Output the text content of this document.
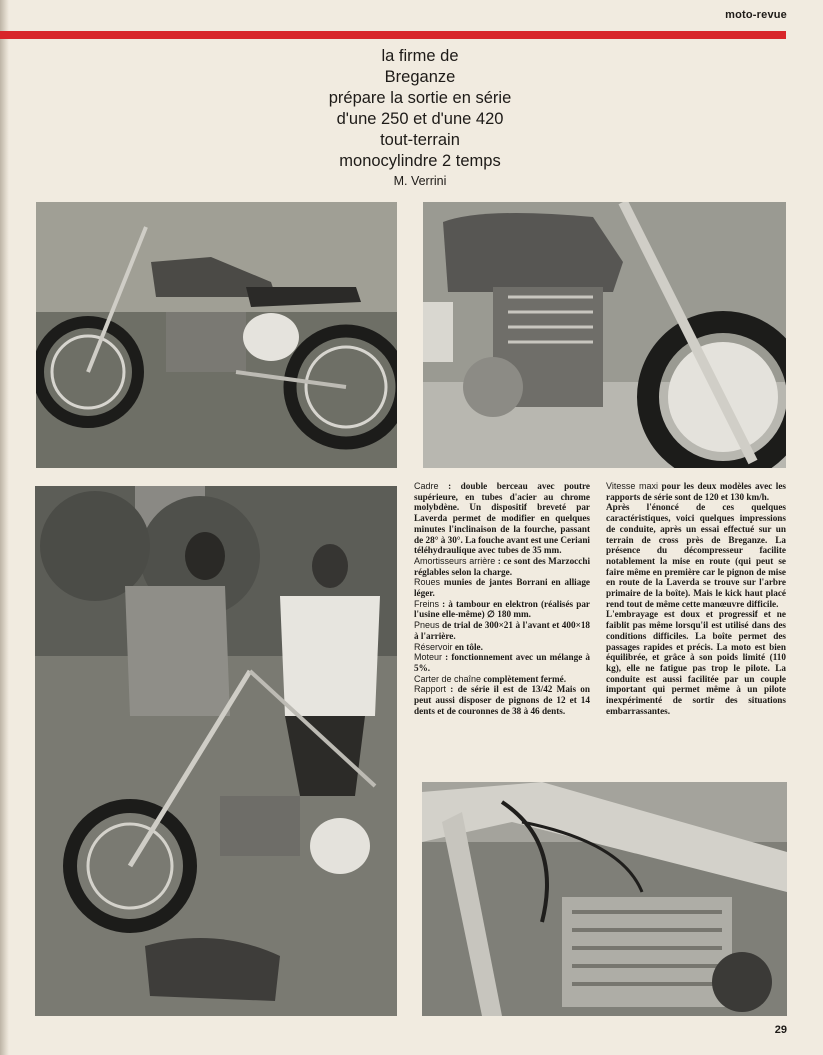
moto-revue
la firme de
Breganze
prépare la sortie en série
d'une 250 et d'une 420
tout-terrain
monocylindre 2 temps
M. Verrini

Cadre : double berceau avec poutre supérieure, en tubes d'acier au chrome molybdène. Un dispositif breveté par Laverda permet de modifier en quelques minutes l'inclinaison de la fourche, passant de 28° à 30°. La fouche avant est une Ceriani téléhydraulique avec tubes de 35 mm.

Amortisseurs arrière : ce sont des Marzocchi réglables selon la charge.

Roues munies de jantes Borrani en alliage léger.

Freins : à tambour en elektron (réalisés par l'usine elle-même) ∅ 180 mm.

Pneus de trial de 300×21 à l'avant et 400×18 à l'arrière.

Réservoir en tôle.

Moteur : fonctionnement avec un mélange à 5%.

Carter de chaîne complètement fermé.

Rapport : de série il est de 13/42 Mais on peut aussi disposer de pignons de 12 et 14 dents et de couronnes de 38 à 46 dents.

Vitesse maxi pour les deux modèles avec les rapports de série sont de 120 et 130 km/h.

Après l'énoncé de ces quelques caractéristiques, voici quelques impressions de conduite, après un essai effectué sur un terrain de cross près de Breganze. La présence du décompresseur facilite notablement la mise en route (qui peut se faire même en première car le pignon de mise en route de la Laverda se trouve sur l'arbre primaire de la boîte). Mais le kick haut placé rend tout de même cette manœuvre difficile.

L'embrayage est doux et progressif et ne faiblit pas même lorsqu'il est utilisé dans des conditions difficiles. La boîte permet des passages rapides et précis. La moto est bien équilibrée, et grâce à son poids limité (110 kg), elle ne fatigue pas trop le pilote. La conduite est aussi facilitée par un couple important qui permet même à un pilote inexpérimenté de sortir des situations embarrassantes.

29
